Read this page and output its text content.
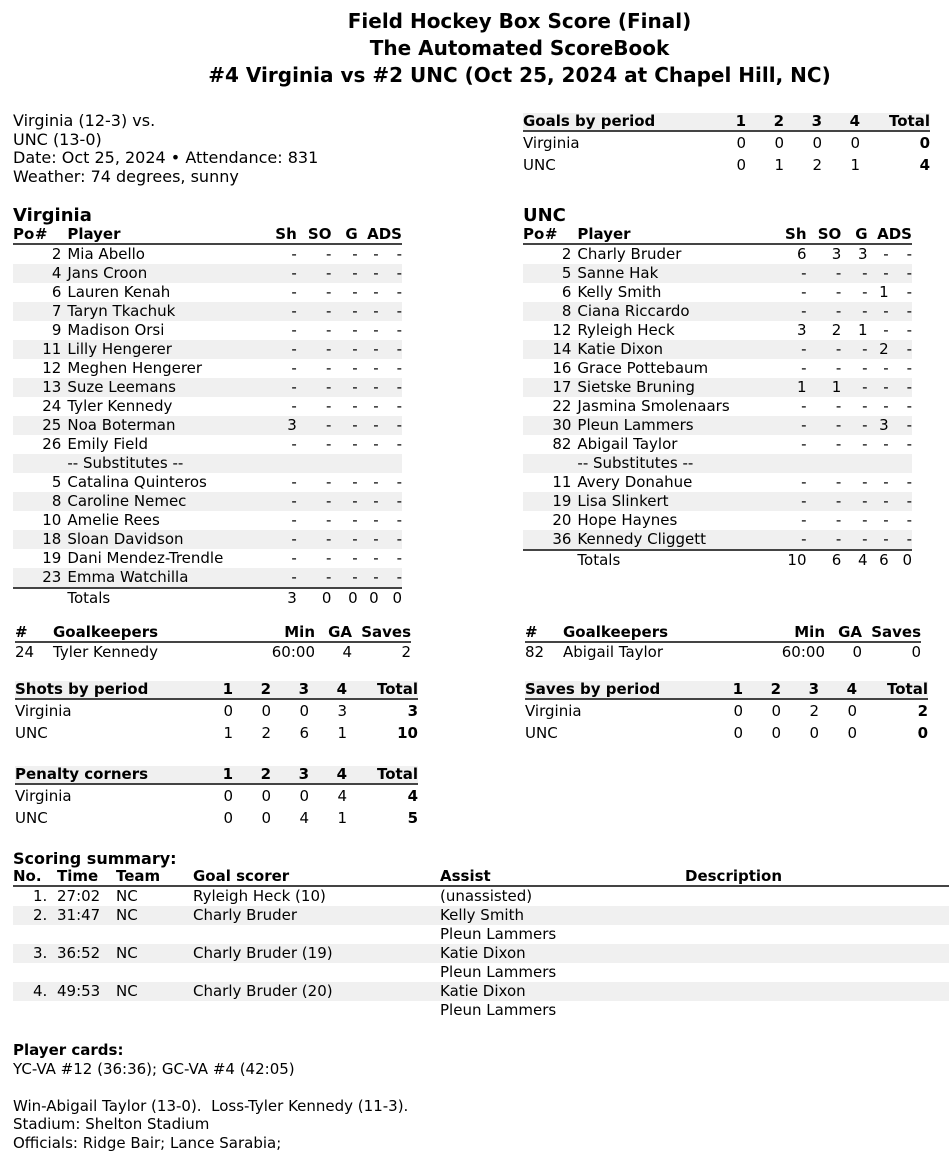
Field Hockey Box Score (Final)
The Automated ScoreBook
#4 Virginia vs #2 UNC (Oct 25, 2024 at Chapel Hill, NC)
Virginia (12-3) vs.
UNC (13-0)
Date: Oct 25, 2024 • Attendance: 831
Weather: 74 degrees, sunny
Goals by period	1	2	3	4	Total
Virginia	0	0	0	0	0
UNC	0	1	2	1	4
Virginia
Po	#	Player	Sh	SO	G	A	DS
	2	Mia Abello	-	-	-	-	-
	4	Jans Croon	-	-	-	-	-
	6	Lauren Kenah	-	-	-	-	-
	7	Taryn Tkachuk	-	-	-	-	-
	9	Madison Orsi	-	-	-	-	-
	11	Lilly Hengerer	-	-	-	-	-
	12	Meghen Hengerer	-	-	-	-	-
	13	Suze Leemans	-	-	-	-	-
	24	Tyler Kennedy	-	-	-	-	-
	25	Noa Boterman	3	-	-	-	-
	26	Emily Field	-	-	-	-	-
		-- Substitutes --					
	5	Catalina Quinteros	-	-	-	-	-
	8	Caroline Nemec	-	-	-	-	-
	10	Amelie Rees	-	-	-	-	-
	18	Sloan Davidson	-	-	-	-	-
	19	Dani Mendez-Trendle	-	-	-	-	-
	23	Emma Watchilla	-	-	-	-	-
		Totals	3	0	0	0	0
UNC
Po	#	Player	Sh	SO	G	A	DS
	2	Charly Bruder	6	3	3	-	-
	5	Sanne Hak	-	-	-	-	-
	6	Kelly Smith	-	-	-	1	-
	8	Ciana Riccardo	-	-	-	-	-
	12	Ryleigh Heck	3	2	1	-	-
	14	Katie Dixon	-	-	-	2	-
	16	Grace Pottebaum	-	-	-	-	-
	17	Sietske Bruning	1	1	-	-	-
	22	Jasmina Smolenaars	-	-	-	-	-
	30	Pleun Lammers	-	-	-	3	-
	82	Abigail Taylor	-	-	-	-	-
		-- Substitutes --					
	11	Avery Donahue	-	-	-	-	-
	19	Lisa Slinkert	-	-	-	-	-
	20	Hope Haynes	-	-	-	-	-
	36	Kennedy Cliggett	-	-	-	-	-
		Totals	10	6	4	6	0
#	Goalkeepers	Min	GA	Saves
24	Tyler Kennedy	60:00	4	2
#	Goalkeepers	Min	GA	Saves
82	Abigail Taylor	60:00	0	0
Shots by period	1	2	3	4	Total
Virginia	0	0	0	3	3
UNC	1	2	6	1	10
Saves by period	1	2	3	4	Total
Virginia	0	0	2	0	2
UNC	0	0	0	0	0
Penalty corners	1	2	3	4	Total
Virginia	0	0	0	4	4
UNC	0	0	4	1	5
Scoring summary:
No.	Time	Team	Goal scorer	Assist	Description
1.	27:02	NC	Ryleigh Heck (10)	(unassisted)	
2.	31:47	NC	Charly Bruder	Kelly Smith	
				Pleun Lammers	
3.	36:52	NC	Charly Bruder (19)	Katie Dixon	
				Pleun Lammers	
4.	49:53	NC	Charly Bruder (20)	Katie Dixon	
				Pleun Lammers	
Player cards:
YC-VA #12 (36:36); GC-VA #4 (42:05)
Win-Abigail Taylor (13-0).  Loss-Tyler Kennedy (11-3).
Stadium: Shelton Stadium
Officials: Ridge Bair; Lance Sarabia;
